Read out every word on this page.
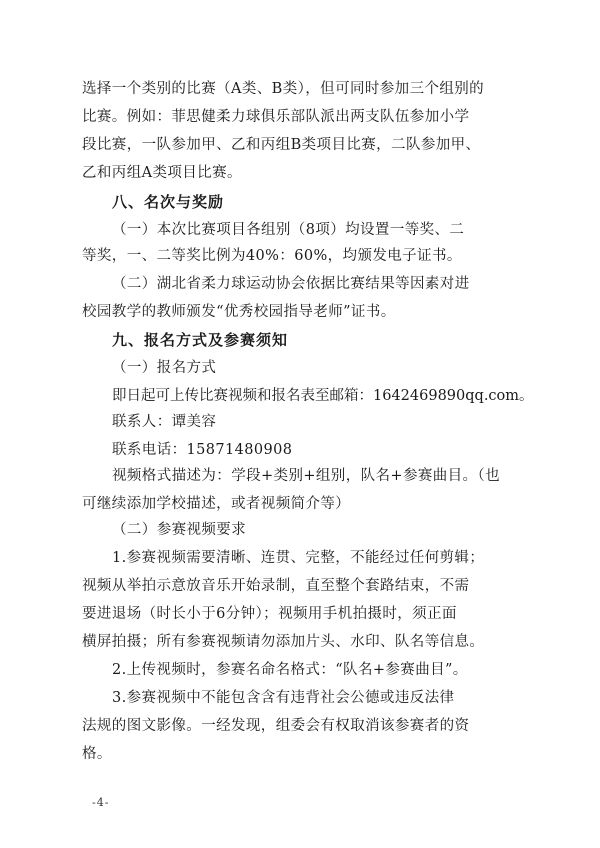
选择一个类别的比赛（A类、B类），但可同时参加三个组别的
比赛。例如：菲思健柔力球俱乐部队派出两支队伍参加小学
段比赛，一队参加甲、乙和丙组B类项目比赛，二队参加甲、
乙和丙组A类项目比赛。
八、名次与奖励
（一）本次比赛项目各组别（8项）均设置一等奖、二
等奖，一、二等奖比例为40%：60%，均颁发电子证书。
（二）湖北省柔力球运动协会依据比赛结果等因素对进
校园教学的教师颁发“优秀校园指导老师”证书。
九、报名方式及参赛须知
（一）报名方式
即日起可上传比赛视频和报名表至邮箱：1642469890qq.com。
联系人：谭美容
联系电话：15871480908
视频格式描述为：学段+类别+组别，队名+参赛曲目。（也
可继续添加学校描述，或者视频简介等）
（二）参赛视频要求
1.参赛视频需要清晰、连贯、完整，不能经过任何剪辑；
视频从举拍示意放音乐开始录制，直至整个套路结束，不需
要进退场（时长小于6分钟）；视频用手机拍摄时，须正面
横屏拍摄；所有参赛视频请勿添加片头、水印、队名等信息。
2.上传视频时，参赛名命名格式：“队名+参赛曲目”。
3.参赛视频中不能包含含有违背社会公德或违反法律
法规的图文影像。一经发现，组委会有权取消该参赛者的资
格。
-4-
